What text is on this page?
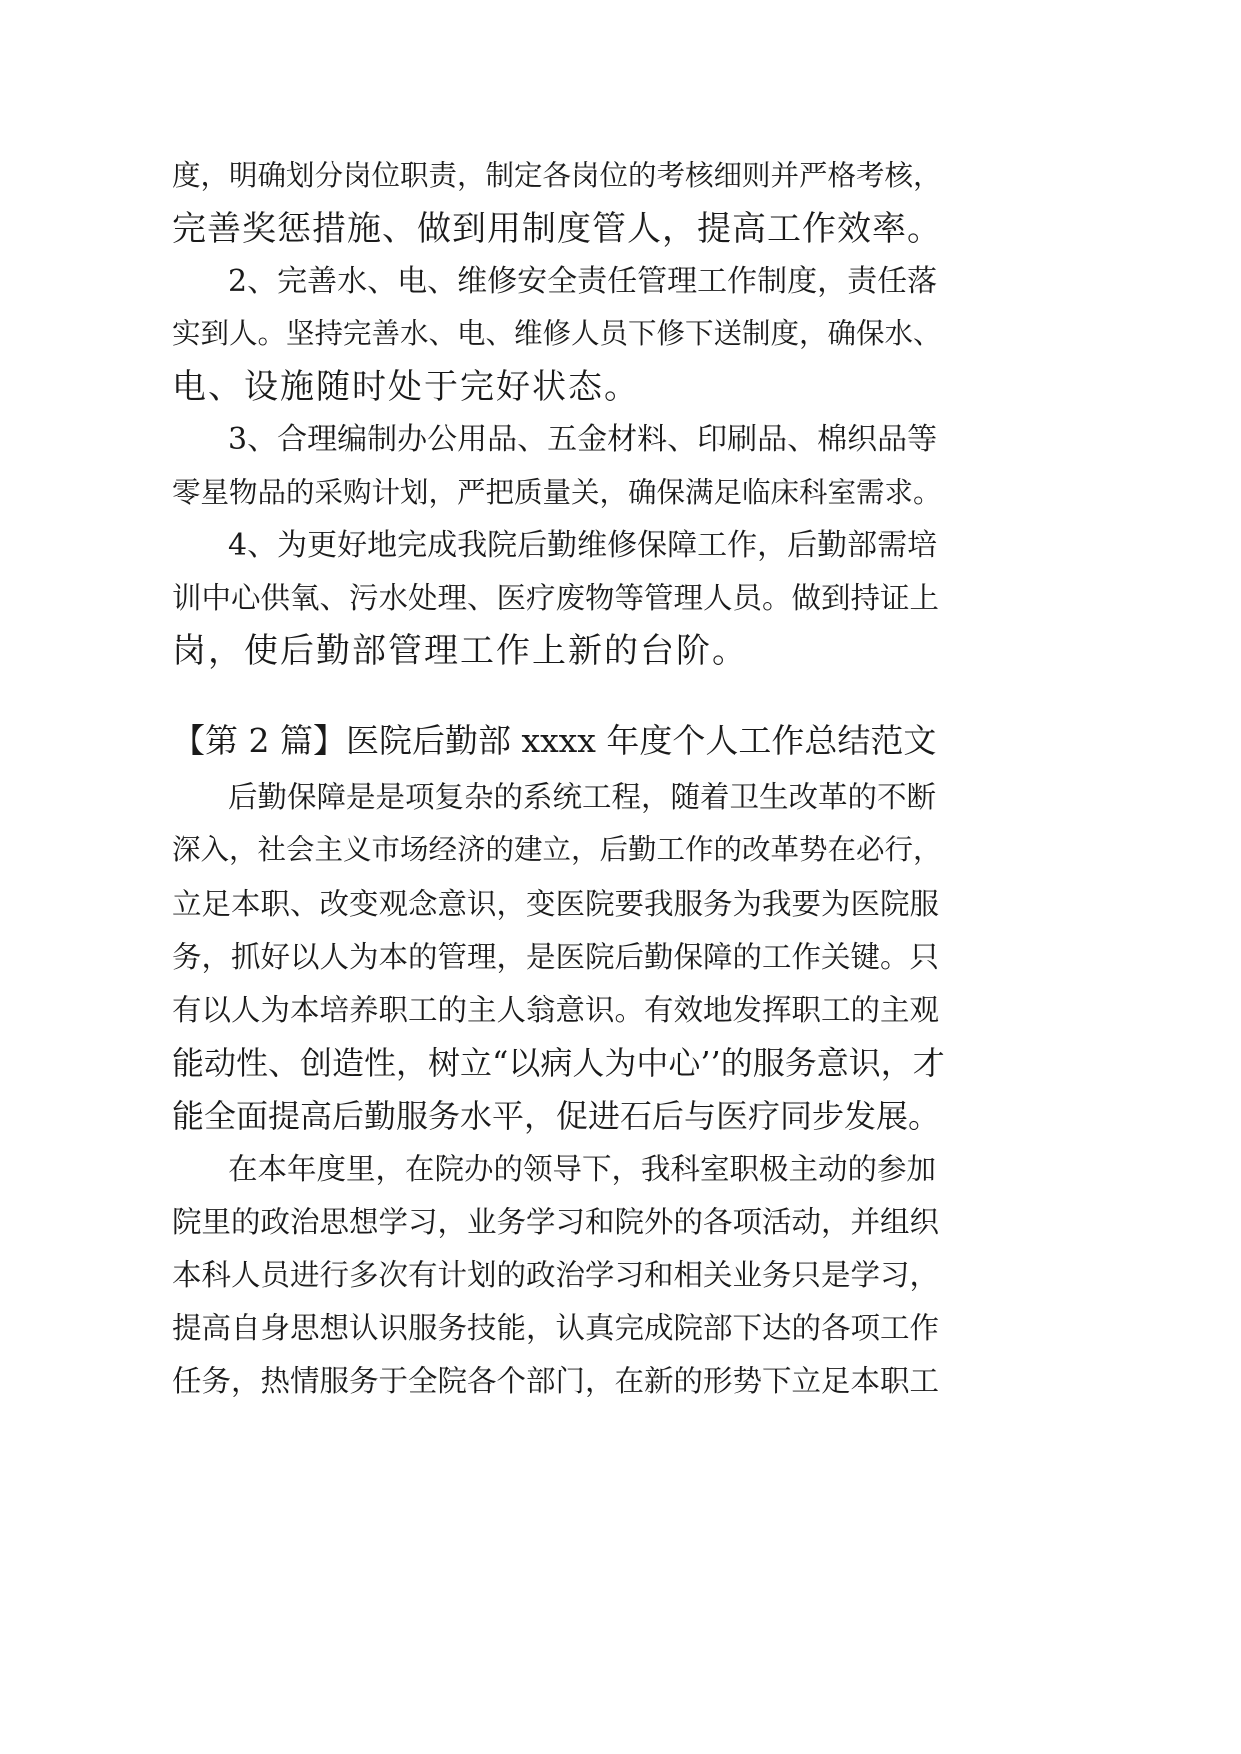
度，明确划分岗位职责，制定各岗位的考核细则并严格考核，
完善奖惩措施、做到用制度管人，提高工作效率。
2、完善水、电、维修安全责任管理工作制度，责任落
实到人。坚持完善水、电、维修人员下修下送制度，确保水、
电、设施随时处于完好状态。
3、合理编制办公用品、五金材料、印刷品、棉织品等
零星物品的采购计划，严把质量关，确保满足临床科室需求。
4、为更好地完成我院后勤维修保障工作，后勤部需培
训中心供氧、污水处理、医疗废物等管理人员。做到持证上
岗，使后勤部管理工作上新的台阶。
【第 2 篇】医院后勤部 xxxx 年度个人工作总结范文
后勤保障是是项复杂的系统工程，随着卫生改革的不断
深入，社会主义市场经济的建立，后勤工作的改革势在必行，
立足本职、改变观念意识，变医院要我服务为我要为医院服
务，抓好以人为本的管理，是医院后勤保障的工作关键。只
有以人为本培养职工的主人翁意识。有效地发挥职工的主观
能动性、创造性，树立“以病人为中心’’的服务意识，才
能全面提高后勤服务水平，促进石后与医疗同步发展。
在本年度里，在院办的领导下，我科室职极主动的参加
院里的政治思想学习，业务学习和院外的各项活动，并组织
本科人员进行多次有计划的政治学习和相关业务只是学习，
提高自身思想认识服务技能，认真完成院部下达的各项工作
任务，热情服务于全院各个部门，在新的形势下立足本职工
